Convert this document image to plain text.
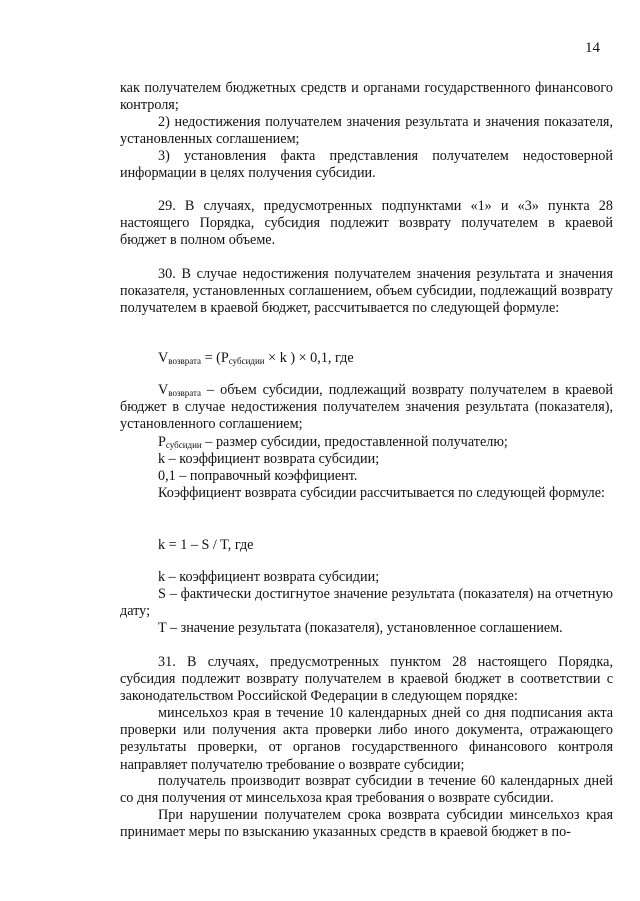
14

как получателем бюджетных средств и органами государственного финансового контроля;

2) недостижения получателем значения результата и значения показателя, установленных соглашением;

3) установления факта представления получателем недостоверной информации в целях получения субсидии.

29. В случаях, предусмотренных подпунктами «1» и «3» пункта 28 настоящего Порядка, субсидия подлежит возврату получателем в краевой бюджет в полном объеме.

30. В случае недостижения получателем значения результата и значения показателя, установленных соглашением, объем субсидии, подлежащий возврату получателем в краевой бюджет, рассчитывается по следующей формуле:

$V_{возврата} = (P_{субсидии} \times k$ ) × 0,1, где

$V_{возврата}$ – объем субсидии, подлежащий возврату получателем в краевой бюджет в случае недостижения получателем значения результата (показателя), установленного соглашением;

$P_{субсидии}$ – размер субсидии, предоставленной получателю;

k – коэффициент возврата субсидии;

0,1 – поправочный коэффициент.

Коэффициент возврата субсидии рассчитывается по следующей формуле:

k = 1 – S / T, где

k – коэффициент возврата субсидии;

S – фактически достигнутое значение результата (показателя) на отчетную дату;

T – значение результата (показателя), установленное соглашением.

31. В случаях, предусмотренных пунктом 28 настоящего Порядка, субсидия подлежит возврату получателем в краевой бюджет в соответствии с законодательством Российской Федерации в следующем порядке:

минсельхоз края в течение 10 календарных дней со дня подписания акта проверки или получения акта проверки либо иного документа, отражающего результаты проверки, от органов государственного финансового контроля направляет получателю требование о возврате субсидии;

получатель производит возврат субсидии в течение 60 календарных дней со дня получения от минсельхоза края требования о возврате субсидии.

При нарушении получателем срока возврата субсидии минсельхоз края принимает меры по взысканию указанных средств в краевой бюджет в по-
